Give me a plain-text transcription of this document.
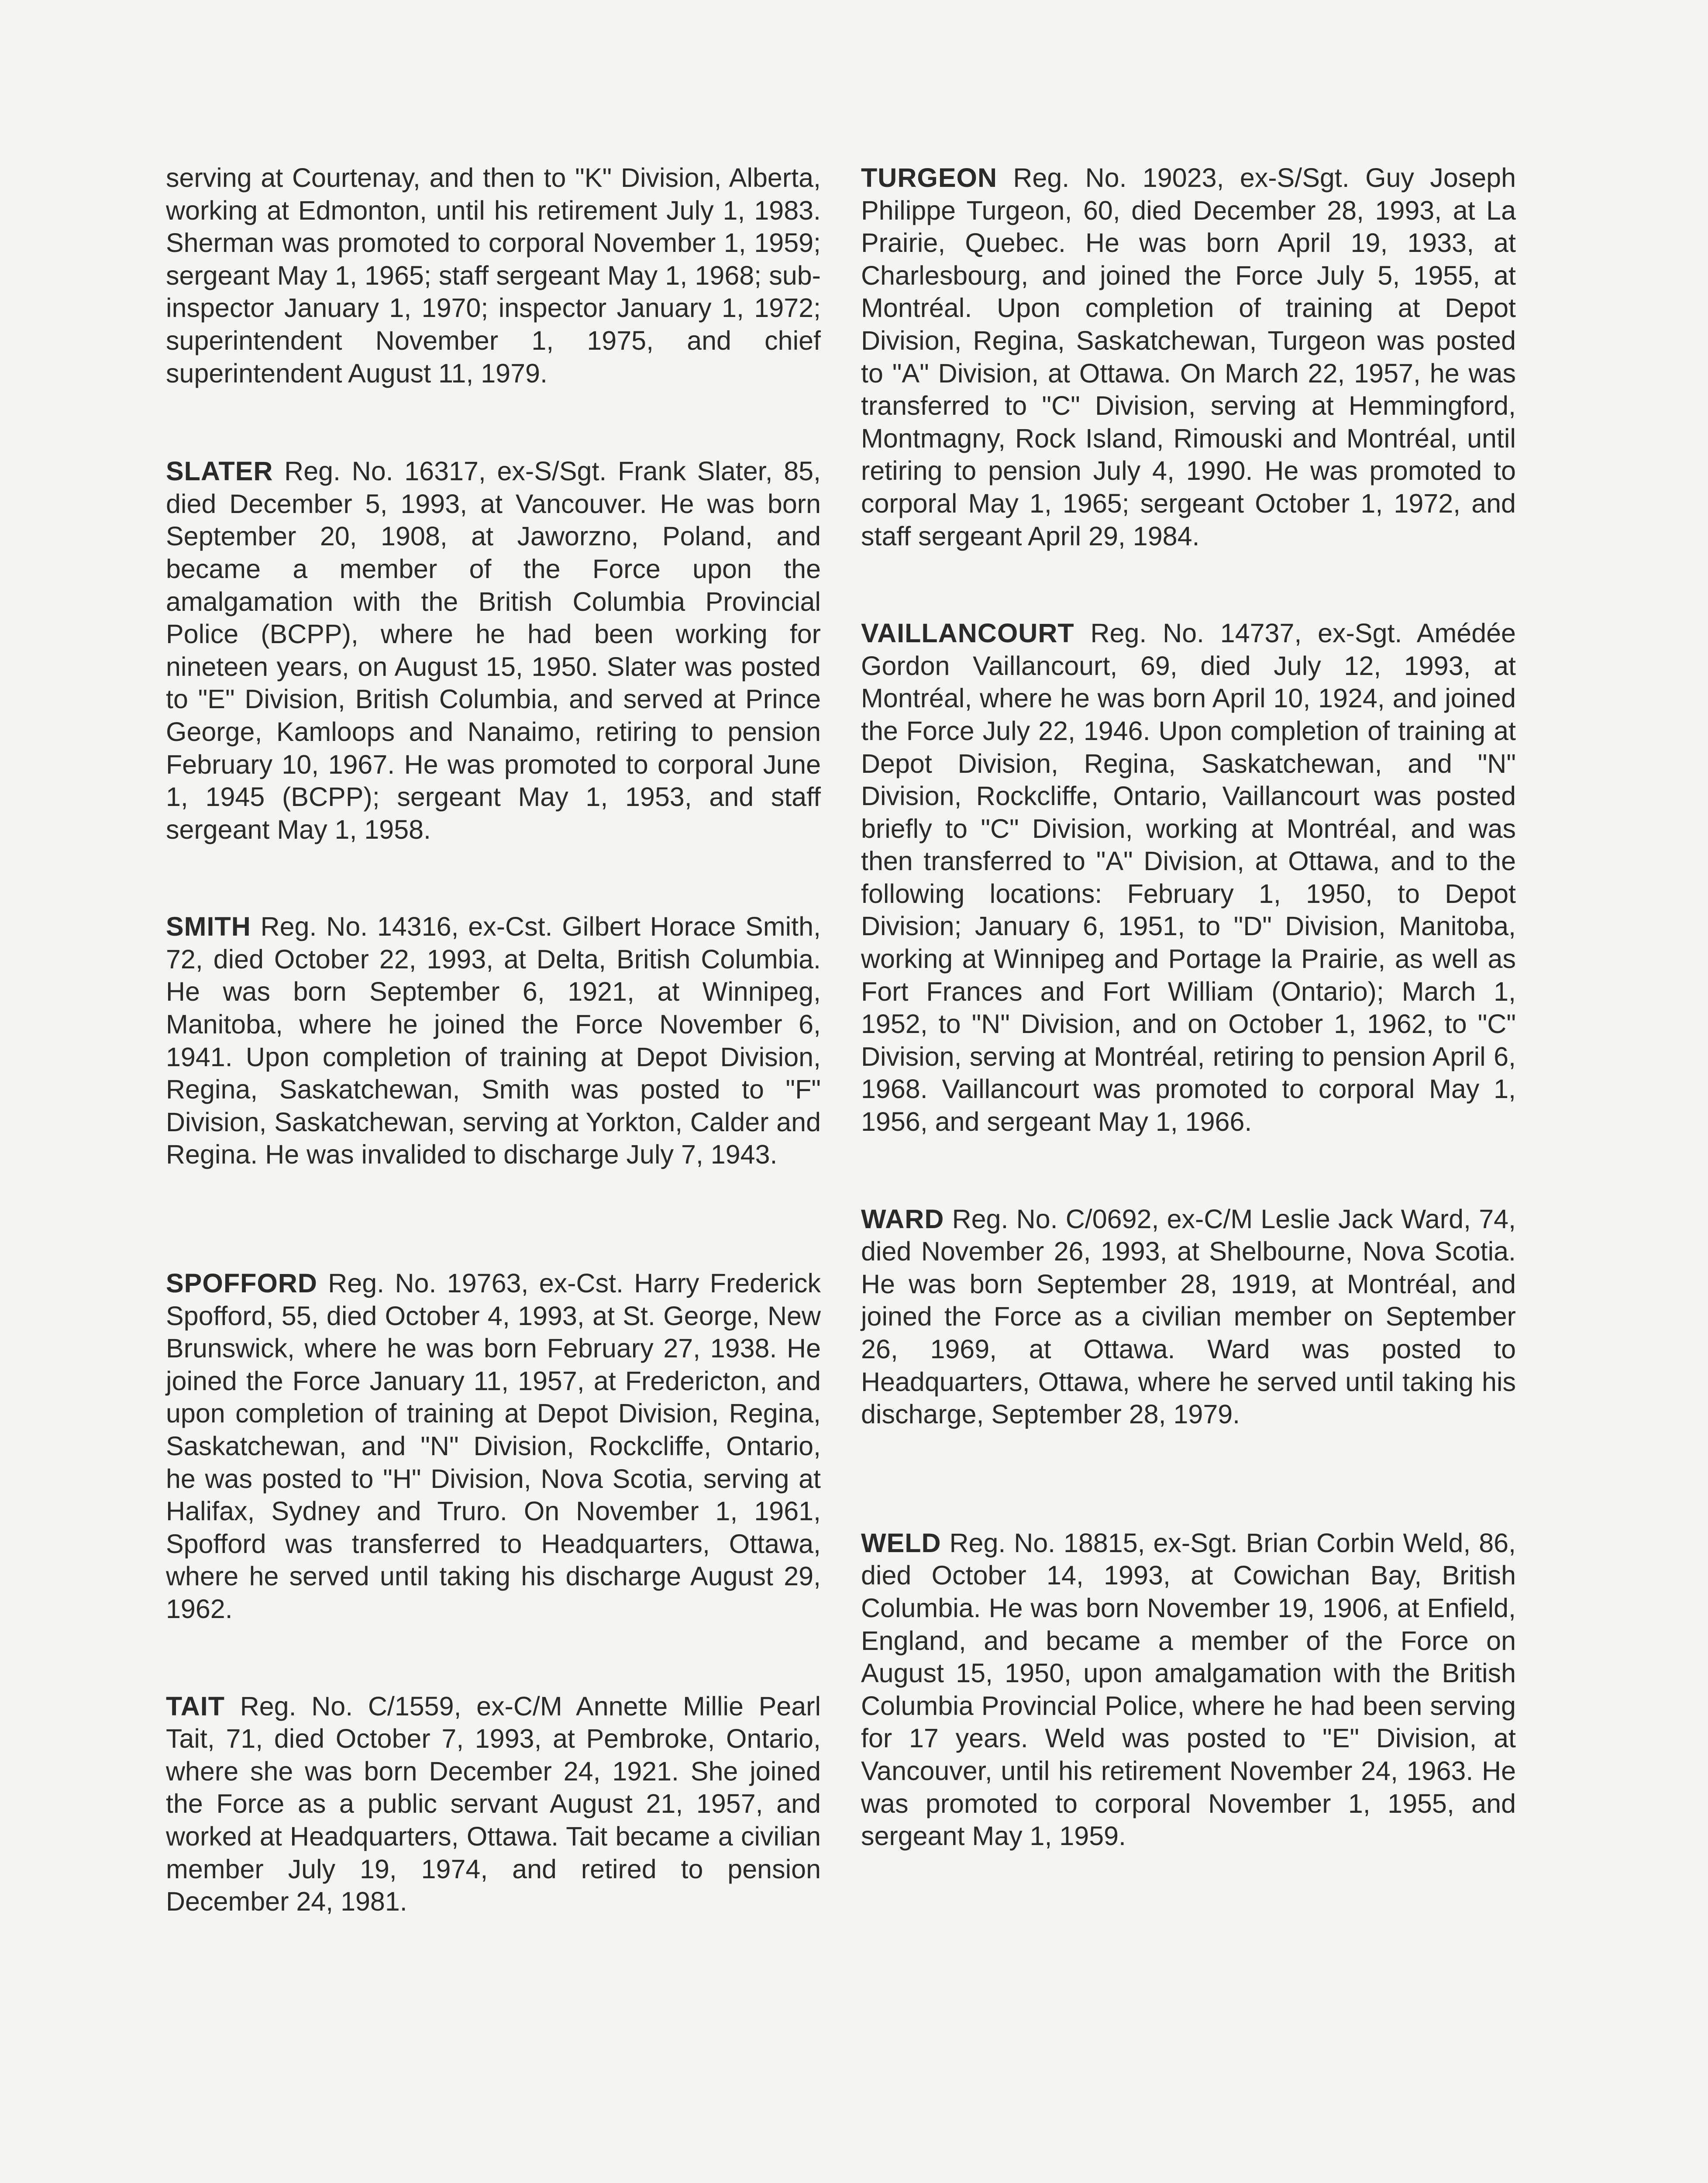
serving at Courtenay, and then to "K" Division, Alberta, working at Edmonton, until his retirement July 1, 1983. Sherman was promoted to corporal November 1, 1959; sergeant May 1, 1965; staff sergeant May 1, 1968; sub-inspector January 1, 1970; inspector January 1, 1972; superintendent November 1, 1975, and chief superintendent August 11, 1979.

SLATER Reg. No. 16317, ex-S/Sgt. Frank Slater, 85, died December 5, 1993, at Vancouver. He was born September 20, 1908, at Jaworzno, Poland, and became a member of the Force upon the amalgamation with the British Columbia Provincial Police (BCPP), where he had been working for nineteen years, on August 15, 1950. Slater was posted to "E" Division, British Columbia, and served at Prince George, Kamloops and Nanaimo, retiring to pension February 10, 1967. He was promoted to corporal June 1, 1945 (BCPP); sergeant May 1, 1953, and staff sergeant May 1, 1958.

SMITH Reg. No. 14316, ex-Cst. Gilbert Horace Smith, 72, died October 22, 1993, at Delta, British Columbia. He was born September 6, 1921, at Winnipeg, Manitoba, where he joined the Force November 6, 1941. Upon completion of training at Depot Division, Regina, Saskatchewan, Smith was posted to "F" Division, Saskatchewan, serving at Yorkton, Calder and Regina. He was invalided to discharge July 7, 1943.

SPOFFORD Reg. No. 19763, ex-Cst. Harry Frederick Spofford, 55, died October 4, 1993, at St. George, New Brunswick, where he was born February 27, 1938. He joined the Force January 11, 1957, at Fredericton, and upon completion of training at Depot Division, Regina, Saskatchewan, and "N" Division, Rockcliffe, Ontario, he was posted to "H" Division, Nova Scotia, serving at Halifax, Sydney and Truro. On November 1, 1961, Spofford was transferred to Headquarters, Ottawa, where he served until taking his discharge August 29, 1962.

TAIT Reg. No. C/1559, ex-C/M Annette Millie Pearl Tait, 71, died October 7, 1993, at Pembroke, Ontario, where she was born December 24, 1921. She joined the Force as a public servant August 21, 1957, and worked at Headquarters, Ottawa. Tait became a civilian member July 19, 1974, and retired to pension December 24, 1981.

TURGEON Reg. No. 19023, ex-S/Sgt. Guy Joseph Philippe Turgeon, 60, died December 28, 1993, at La Prairie, Quebec. He was born April 19, 1933, at Charlesbourg, and joined the Force July 5, 1955, at Montréal. Upon completion of training at Depot Division, Regina, Saskatchewan, Turgeon was posted to "A" Division, at Ottawa. On March 22, 1957, he was transferred to "C" Division, serving at Hemmingford, Montmagny, Rock Island, Rimouski and Montréal, until retiring to pension July 4, 1990. He was promoted to corporal May 1, 1965; sergeant October 1, 1972, and staff sergeant April 29, 1984.

VAILLANCOURT Reg. No. 14737, ex-Sgt. Amédée Gordon Vaillancourt, 69, died July 12, 1993, at Montréal, where he was born April 10, 1924, and joined the Force July 22, 1946. Upon completion of training at Depot Division, Regina, Saskatchewan, and "N" Division, Rockcliffe, Ontario, Vaillancourt was posted briefly to "C" Division, working at Montréal, and was then transferred to "A" Division, at Ottawa, and to the following locations: February 1, 1950, to Depot Division; January 6, 1951, to "D" Division, Manitoba, working at Winnipeg and Portage la Prairie, as well as Fort Frances and Fort William (Ontario); March 1, 1952, to "N" Division, and on October 1, 1962, to "C" Division, serving at Montréal, retiring to pension April 6, 1968. Vaillancourt was promoted to corporal May 1, 1956, and sergeant May 1, 1966.

WARD Reg. No. C/0692, ex-C/M Leslie Jack Ward, 74, died November 26, 1993, at Shelbourne, Nova Scotia. He was born September 28, 1919, at Montréal, and joined the Force as a civilian member on September 26, 1969, at Ottawa. Ward was posted to Headquarters, Ottawa, where he served until taking his discharge, September 28, 1979.

WELD Reg. No. 18815, ex-Sgt. Brian Corbin Weld, 86, died October 14, 1993, at Cowichan Bay, British Columbia. He was born November 19, 1906, at Enfield, England, and became a member of the Force on August 15, 1950, upon amalgamation with the British Columbia Provincial Police, where he had been serving for 17 years. Weld was posted to "E" Division, at Vancouver, until his retirement November 24, 1963. He was promoted to corporal November 1, 1955, and sergeant May 1, 1959.
